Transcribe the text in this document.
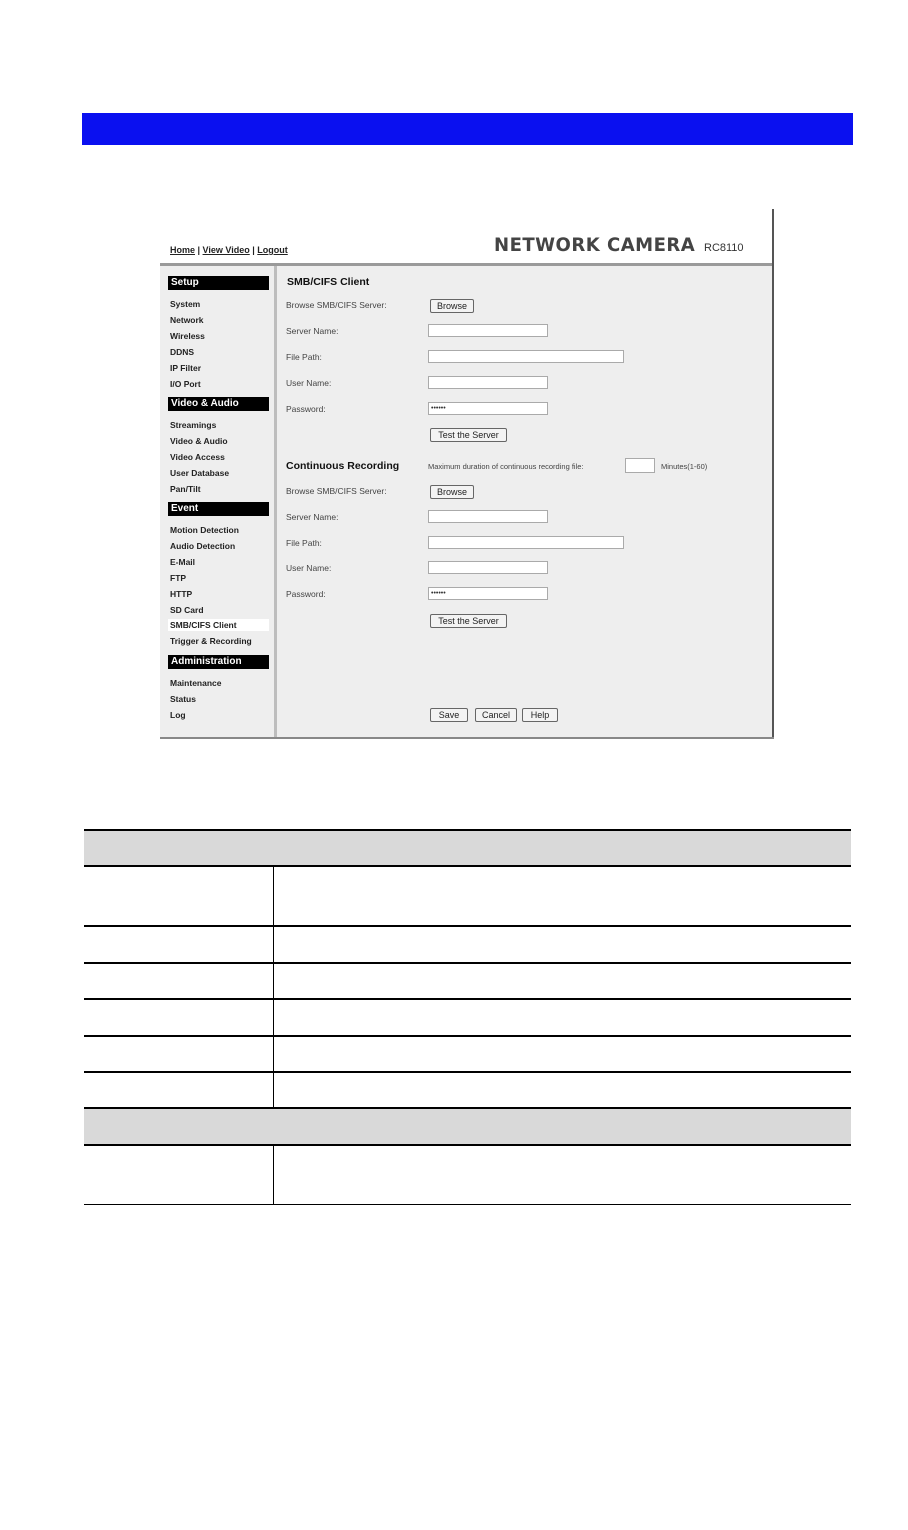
Home | View Video | Logout	NETWORK CAMERA RC8110
Setup
System
Network
Wireless
DDNS
IP Filter
I/O Port
Video & Audio
Streamings
Video & Audio
Video Access
User Database
Pan/Tilt
Event
Motion Detection
Audio Detection
E-Mail
FTP
HTTP
SD Card
SMB/CIFS Client
Trigger & Recording
Administration
Maintenance
Status
Log
SMB/CIFS Client
Browse SMB/CIFS Server:	Browse
Server Name:
File Path:
User Name:
Password:	••••••
Test the Server
Continuous Recording	Maximum duration of continuous recording file:	Minutes(1-60)
Browse SMB/CIFS Server:	Browse
Server Name:
File Path:
User Name:
Password:	••••••
Test the Server
Save	Cancel	Help
